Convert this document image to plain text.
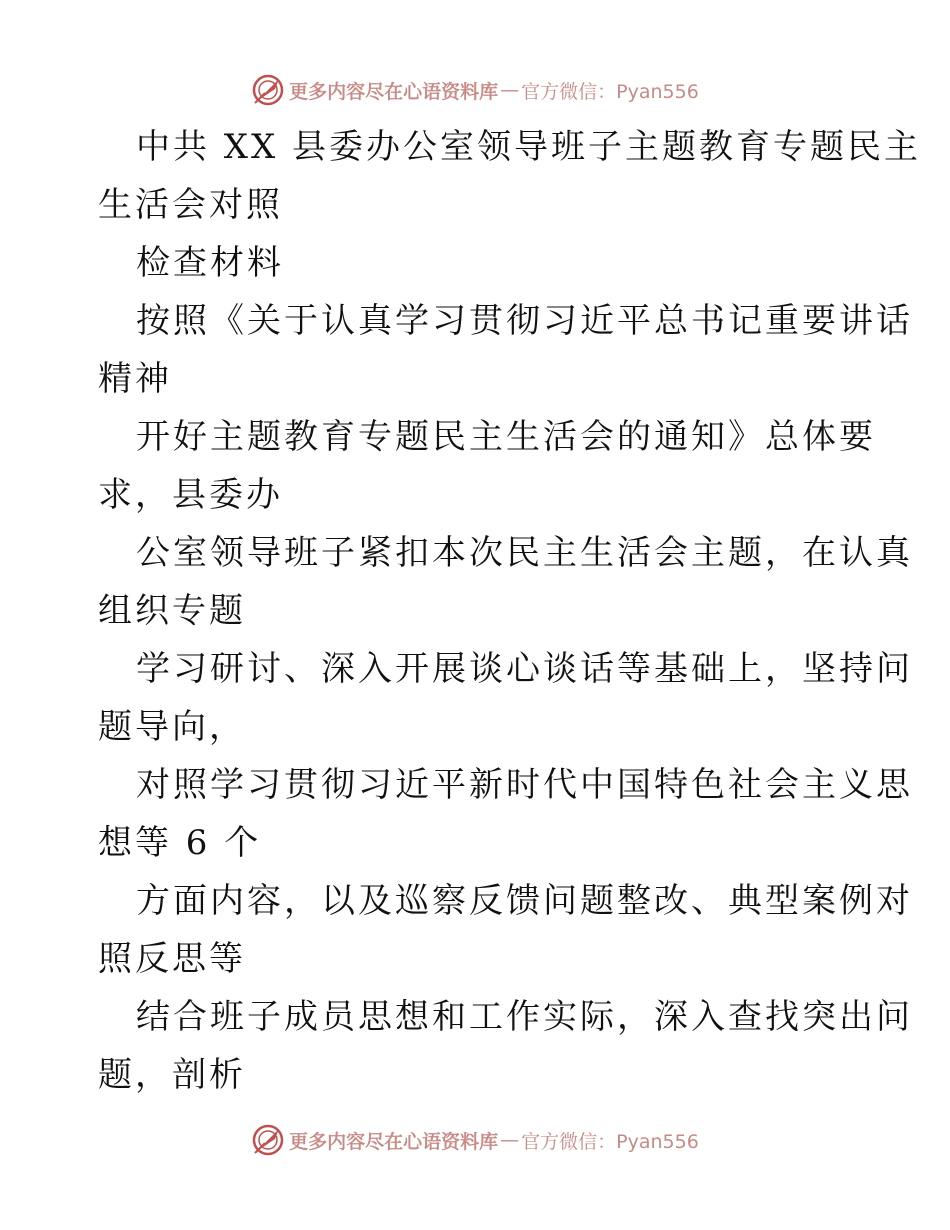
更多内容尽在心语资料库 — 官方微信：Pyan556
中共 XX 县委办公室领导班子主题教育专题民主
生活会对照
检查材料
按照《关于认真学习贯彻习近平总书记重要讲话
精神
开好主题教育专题民主生活会的通知》总体要
求，县委办
公室领导班子紧扣本次民主生活会主题，在认真
组织专题
学习研讨、深入开展谈心谈话等基础上，坚持问
题导向，
对照学习贯彻习近平新时代中国特色社会主义思
想等 6 个
方面内容，以及巡察反馈问题整改、典型案例对
照反思等
结合班子成员思想和工作实际，深入查找突出问
题，剖析
更多内容尽在心语资料库 — 官方微信：Pyan556
